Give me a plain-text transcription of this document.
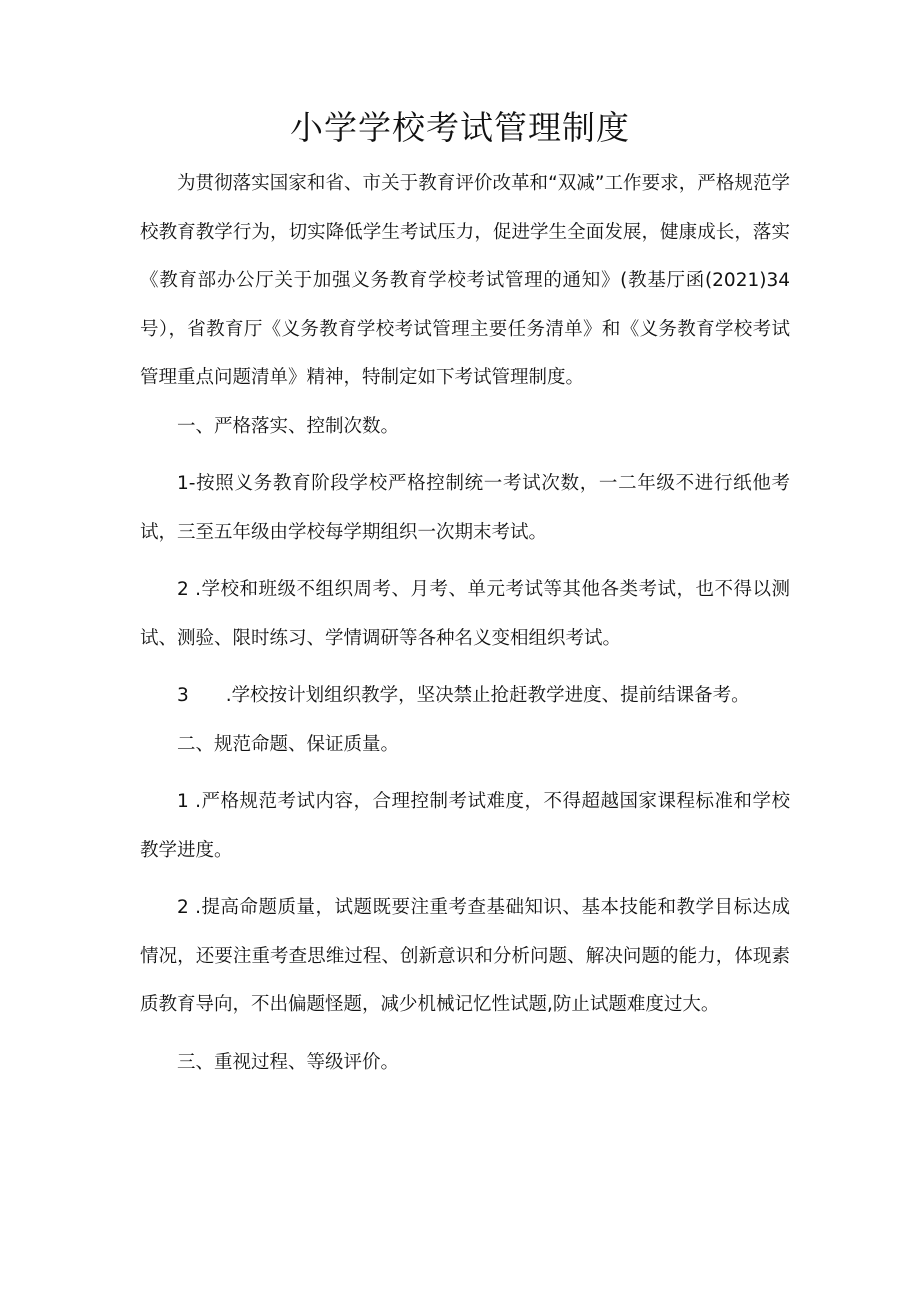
小学学校考试管理制度

为贯彻落实国家和省、市关于教育评价改革和“双减”工作要求，严格规范学校教育教学行为，切实降低学生考试压力，促进学生全面发展，健康成长，落实《教育部办公厅关于加强义务教育学校考试管理的通知》(教基厅函(2021)34号），省教育厅《义务教育学校考试管理主要任务清单》和《义务教育学校考试管理重点问题清单》精神，特制定如下考试管理制度。

一、严格落实、控制次数。

1-按照义务教育阶段学校严格控制统一考试次数，一二年级不进行纸他考试，三至五年级由学校每学期组织一次期末考试。

2 .学校和班级不组织周考、月考、单元考试等其他各类考试，也不得以测试、测验、限时练习、学情调研等各种名义变相组织考试。

3　　.学校按计划组织教学，坚决禁止抢赶教学进度、提前结课备考。

二、规范命题、保证质量。

1 .严格规范考试内容，合理控制考试难度，不得超越国家课程标准和学校教学进度。

2 .提高命题质量，试题既要注重考查基础知识、基本技能和教学目标达成情况，还要注重考查思维过程、创新意识和分析问题、解决问题的能力，体现素质教育导向，不出偏题怪题，减少机械记忆性试题,防止试题难度过大。

三、重视过程、等级评价。
